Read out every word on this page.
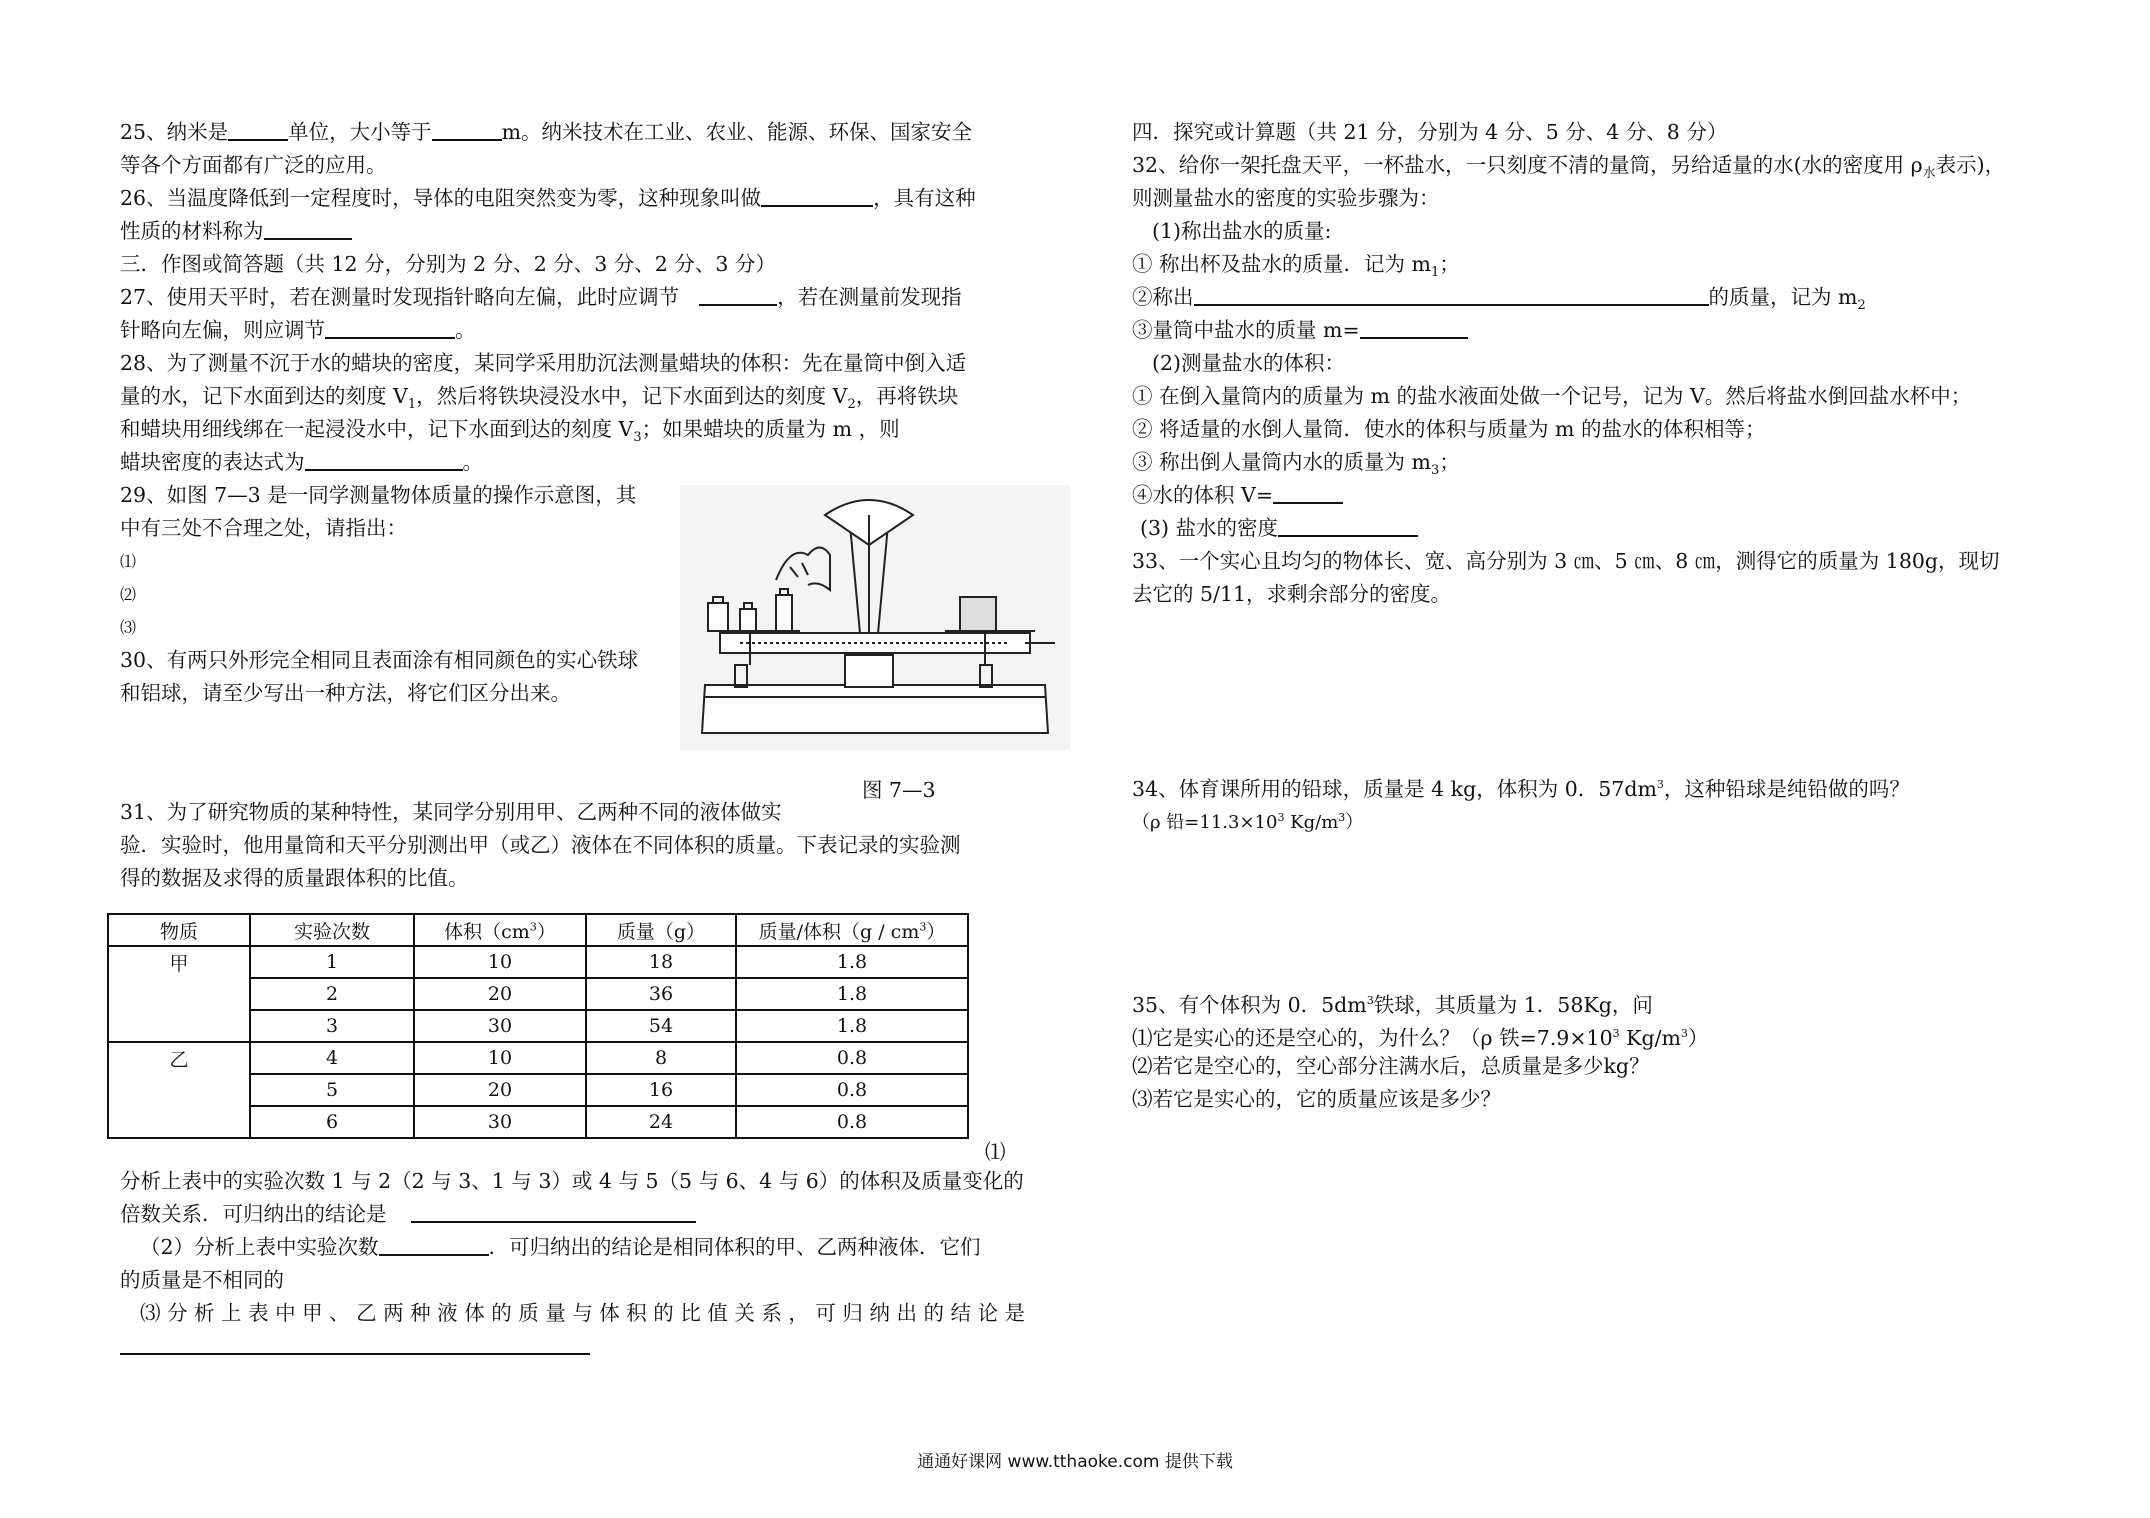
25、纳米是	单位，大小等于	m。纳米技术在工业、农业、能源、环保、国家安全
等各个方面都有广泛的应用。
26、当温度降低到一定程度时，导体的电阻突然变为零，这种现象叫做	，具有这种
性质的材料称为
三．作图或简答题（共 12 分，分别为 2 分、2 分、3 分、2 分、3 分）
27、使用天平时，若在测量时发现指针略向左偏，此时应调节	，若在测量前发现指
针略向左偏，则应调节	。
28、为了测量不沉于水的蜡块的密度，某同学采用肋沉法测量蜡块的体积：先在量筒中倒入适
量的水，记下水面到达的刻度 $V_1$，然后将铁块浸没水中，记下水面到达的刻度 $V_2$，再将铁块
和蜡块用细线绑在一起浸没水中，记下水面到达的刻度 $V_3$；如果蜡块的质量为 m ，则
蜡块密度的表达式为	。
29、如图 7—3 是一同学测量物体质量的操作示意图，其
中有三处不合理之处，请指出：
⑴
⑵
⑶
30、有两只外形完全相同且表面涂有相同颜色的实心铁球
和铝球，请至少写出一种方法，将它们区分出来。
31、为了研究物质的某种特性，某同学分别用甲、乙两种不同的液体做实
验．实验时，他用量筒和天平分别测出甲（或乙）液体在不同体积的质量。下表记录的实验测
得的数据及求得的质量跟体积的比值。
图 7—3
物质	实验次数	体积$(cm^3)$	质量（g）	质量/体积$(g / cm^3)$
甲	1	10	18	1.8
	2	20	36	1.8
	3	30	54	1.8
乙	4	10	8	0.8
	5	20	16	0.8
	6	30	24	0.8
⑴
分析上表中的实验次数 1 与 2（2 与 3、1 与 3）或 4 与 5（5 与 6、4 与 6）的体积及质量变化的
倍数关系．可归纳出的结论是
（2）分析上表中实验次数	．可归纳出的结论是相同体积的甲、乙两种液体．它们
的质量是不相同的
⑶ 分 析 上 表 中 甲 、 乙 两 种 液 体 的 质 量 与 体 积 的 比 值 关 系 ， 可 归 纳 出 的 结 论 是
四．探究或计算题（共 21 分，分别为 4 分、5 分、4 分、8 分）
32、给你一架托盘天平，一杯盐水，一只刻度不清的量筒，另给适量的水(水的密度用 $\rho_水$表示)，
则测量盐水的密度的实验步骤为：
(1)称出盐水的质量:
① 称出杯及盐水的质量．记为 $m_1$；
②称出	的质量，记为 $m_2$
③量筒中盐水的质量 m=
(2)测量盐水的体积：
① 在倒入量筒内的质量为 m 的盐水液面处做一个记号，记为 V。然后将盐水倒回盐水杯中；
② 将适量的水倒人量筒．使水的体积与质量为 m 的盐水的体积相等；
③ 称出倒人量筒内水的质量为 $m_3$；
④水的体积 V=
(3) 盐水的密度
33、一个实心且均匀的物体长、宽、高分别为 3 ㎝、5 ㎝、8 ㎝，测得它的质量为 180g，现切
去它的 5/11，求剩余部分的密度。
34、体育课所用的铅球，质量是 4 kg，体积为 0．$57dm^3$，这种铅球是纯铅做的吗？
（ρ 铅$=11.3\times 10^3$ $Kg/m^3$）
35、有个体积为 0．$5dm^3$铁球，其质量为 1．58Kg，问
⑴它是实心的还是空心的，为什么？（ρ 铁$=7.9\times 10^3$ $Kg/m^3$）
⑵若它是空心的，空心部分注满水后，总质量是多少kg？
⑶若它是实心的，它的质量应该是多少？
通通好课网 www.tthaoke.com 提供下载
